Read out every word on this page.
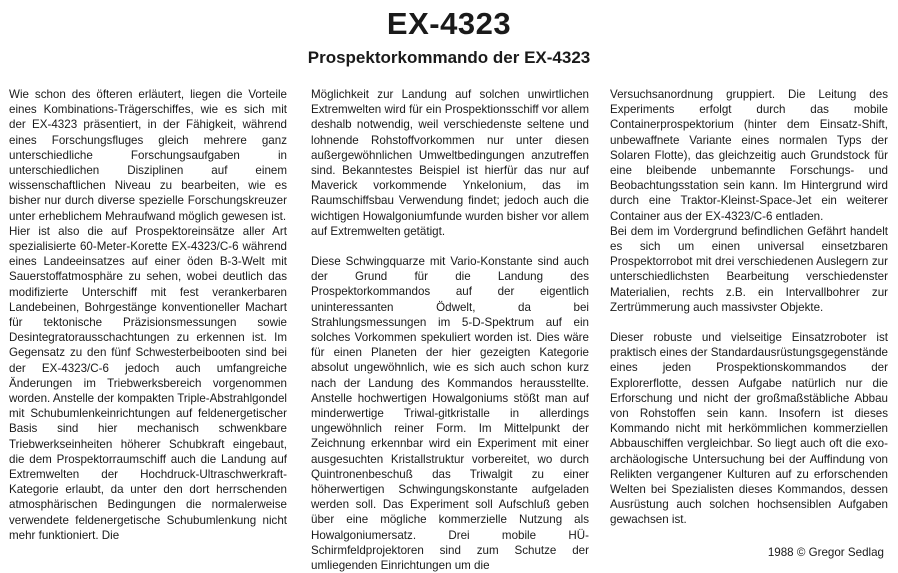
EX-4323
Prospektorkommando der EX-4323

Wie schon des öfteren erläutert, liegen die Vorteile eines Kombinations-Trägerschiffes, wie es sich mit der EX-4323 präsentiert, in der Fähigkeit, während eines Forschungsfluges gleich mehrere ganz unterschiedliche Forschungsaufgaben in unterschiedlichen Disziplinen auf einem wissenschaftlichen Niveau zu bearbeiten, wie es bisher nur durch diverse spezielle Forschungskreuzer unter erheblichem Mehraufwand möglich gewesen ist.

Hier ist also die auf Prospektoreinsätze aller Art spezialisierte 60-Meter-Korette EX-4323/C-6 während eines Landeeinsatzes auf einer öden B-3-Welt mit Sauerstoffatmosphäre zu sehen, wobei deutlich das modifizierte Unterschiff mit fest verankerbaren Landebeinen, Bohrgestänge konventioneller Machart für tektonische Präzisionsmessungen sowie Desintegratorausschachtungen zu erkennen ist. Im Gegensatz zu den fünf Schwesterbeibooten sind bei der EX-4323/C-6 jedoch auch umfangreiche Änderungen im Triebwerksbereich vorgenommen worden. Anstelle der kompakten Triple-Abstrahlgondel mit Schubumlenkeinrichtungen auf feldenergetischer Basis sind hier mechanisch schwenkbare Triebwerkseinheiten höherer Schubkraft eingebaut, die dem Prospektorraumschiff auch die Landung auf Extremwelten der Hochdruck-Ultraschwerkraft-Kategorie erlaubt, da unter den dort herrschenden atmosphärischen Bedingungen die normalerweise verwendete feldenergetische Schubumlenkung nicht mehr funktioniert. Die

Möglichkeit zur Landung auf solchen unwirtlichen Extremwelten wird für ein Prospektionsschiff vor allem deshalb notwendig, weil verschiedenste seltene und lohnende Rohstoffvorkommen nur unter diesen außergewöhnlichen Umweltbedingungen anzutreffen sind. Bekanntestes Beispiel ist hierfür das nur auf Maverick vorkommende Ynkelonium, das im Raumschiffsbau Verwendung findet; jedoch auch die wichtigen Howalgoniumfunde wurden bisher vor allem auf Extremwelten getätigt.

Diese Schwingquarze mit Vario-Konstante sind auch der Grund für die Landung des Prospektorkommandos auf der eigentlich uninteressanten Ödwelt, da bei Strahlungsmessungen im 5-D-Spektrum auf ein solches Vorkommen spekuliert worden ist. Dies wäre für einen Planeten der hier gezeigten Kategorie absolut ungewöhnlich, wie es sich auch schon kurz nach der Landung des Kommandos herausstellte. Anstelle hochwertigen Howalgoniums stößt man auf minderwertige Triwal-gitkristalle in allerdings ungewöhnlich reiner Form. Im Mittelpunkt der Zeichnung erkennbar wird ein Experiment mit einer ausgesuchten Kristallstruktur vorbereitet, wo durch Quintronenbeschuß das Triwalgit zu einer höherwertigen Schwingungskonstante aufgeladen werden soll. Das Experiment soll Aufschluß geben über eine mögliche kommerzielle Nutzung als Howalgoniumersatz. Drei mobile HÜ-Schirmfeldprojektoren sind zum Schutze der umliegenden Einrichtungen um die

Versuchsanordnung gruppiert. Die Leitung des Experiments erfolgt durch das mobile Containerprospektorium (hinter dem Einsatz-Shift, unbewaffnete Variante eines normalen Typs der Solaren Flotte), das gleichzeitig auch Grundstock für eine bleibende unbemannte Forschungs- und Beobachtungsstation sein kann. Im Hintergrund wird durch eine Traktor-Kleinst-Space-Jet ein weiterer Container aus der EX-4323/C-6 entladen.

Bei dem im Vordergrund befindlichen Gefährt handelt es sich um einen universal einsetzbaren Prospektorrobot mit drei verschiedenen Auslegern zur unterschiedlichsten Bearbeitung verschiedenster Materialien, rechts z.B. ein Intervallbohrer zur Zertrümmerung auch massivster Objekte.

Dieser robuste und vielseitige Einsatzroboter ist praktisch eines der Standardausrüstungsgegenstände eines jeden Prospektionskommandos der Explorerflotte, dessen Aufgabe natürlich nur die Erforschung und nicht der großmaßstäbliche Abbau von Rohstoffen sein kann. Insofern ist dieses Kommando nicht mit herkömmlichen kommerziellen Abbauschiffen vergleichbar. So liegt auch oft die exo-archäologische Untersuchung bei der Auffindung von Relikten vergangener Kulturen auf zu erforschenden Welten bei Spezialisten dieses Kommandos, dessen Ausrüstung auch solchen hochsensiblen Aufgaben gewachsen ist.

1988 © Gregor Sedlag
